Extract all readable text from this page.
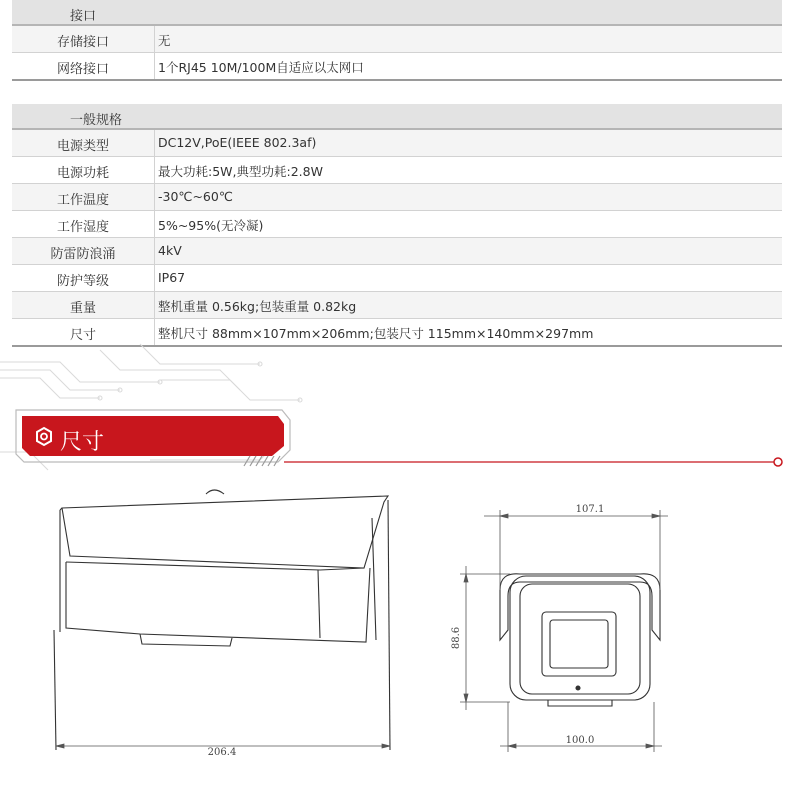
接口
存储接口	无
网络接口	1个RJ45 10M/100M自适应以太网口
一般规格
电源类型	DC12V,PoE(IEEE 802.3af)
电源功耗	最大功耗:5W,典型功耗:2.8W
工作温度	-30℃~60℃
工作湿度	5%~95%(无冷凝)
防雷防浪涌	4kV
防护等级	IP67
重量	整机重量 0.56kg;包装重量 0.82kg
尺寸	整机尺寸 88mm×107mm×206mm;包装尺寸 115mm×140mm×297mm
尺寸
206.4
107.1
88.6
100.0
